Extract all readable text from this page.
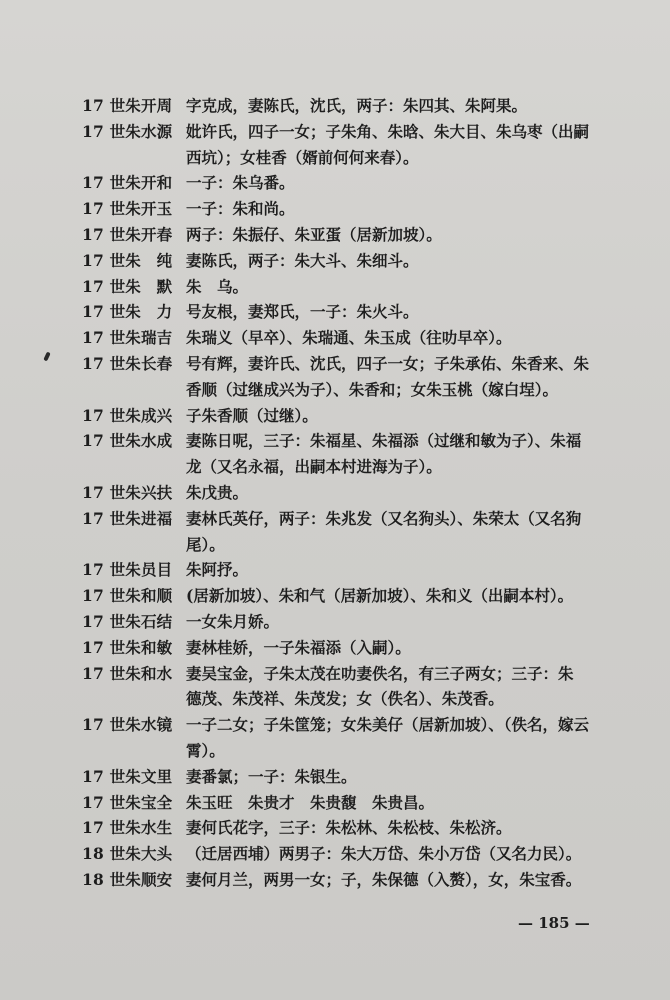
17 世朱开周 字克成，妻陈氏，沈氏，两子：朱四其、朱阿果。
17 世朱水源 妣许氏，四子一女；子朱角、朱晗、朱大目、朱乌枣（出嗣
西坑）；女桂香（婿前何何来春）。
17 世朱开和 一子：朱乌番。
17 世朱开玉 一子：朱和尚。
17 世朱开春 两子：朱振仔、朱亚蛋（居新加坡）。
17 世朱　纯 妻陈氏，两子：朱大斗、朱细斗。
17 世朱　默 朱　乌。
17 世朱　力 号友根，妻郑氏，一子：朱火斗。
17 世朱瑞吉 朱瑞义（早卒）、朱瑞通、朱玉成（往叻早卒）。
17 世朱长春 号有辉，妻许氏、沈氏，四子一女；子朱承佑、朱香来、朱
香顺（过继成兴为子）、朱香和；女朱玉桃（嫁白埕）。
17 世朱成兴 子朱香顺（过继）。
17 世朱水成 妻陈日呢，三子：朱福星、朱福添（过继和敏为子）、朱福
龙（又名永福，出嗣本村进海为子）。
17 世朱兴扶 朱戊贵。
17 世朱进福 妻林氏英仔，两子：朱兆发（又名狗头）、朱荣太（又名狗
尾）。
17 世朱员目 朱阿抒。
17 世朱和顺 (居新加坡）、朱和气（居新加坡）、朱和义（出嗣本村）。
17 世朱石结 一女朱月娇。
17 世朱和敏 妻林桂娇，一子朱福添（入嗣）。
17 世朱和水 妻吴宝金，子朱太茂在叻妻佚名，有三子两女；三子：朱
德茂、朱茂祥、朱茂发；女（佚名）、朱茂香。
17 世朱水镜 一子二女；子朱筐笼；女朱美仔（居新加坡）、（佚名，嫁云
霄）。
17 世朱文里 妻番氯；一子：朱银生。
17 世朱宝全 朱玉旺　朱贵才　朱贵馥　朱贵昌。
17 世朱水生 妻何氏花字，三子：朱松林、朱松枝、朱松济。
18 世朱大头 （迁居西埔）两男子：朱大万岱、朱小万岱（又名力民）。
18 世朱顺安 妻何月兰，两男一女；子，朱保德（入赘），女，朱宝香。
— 185 —
